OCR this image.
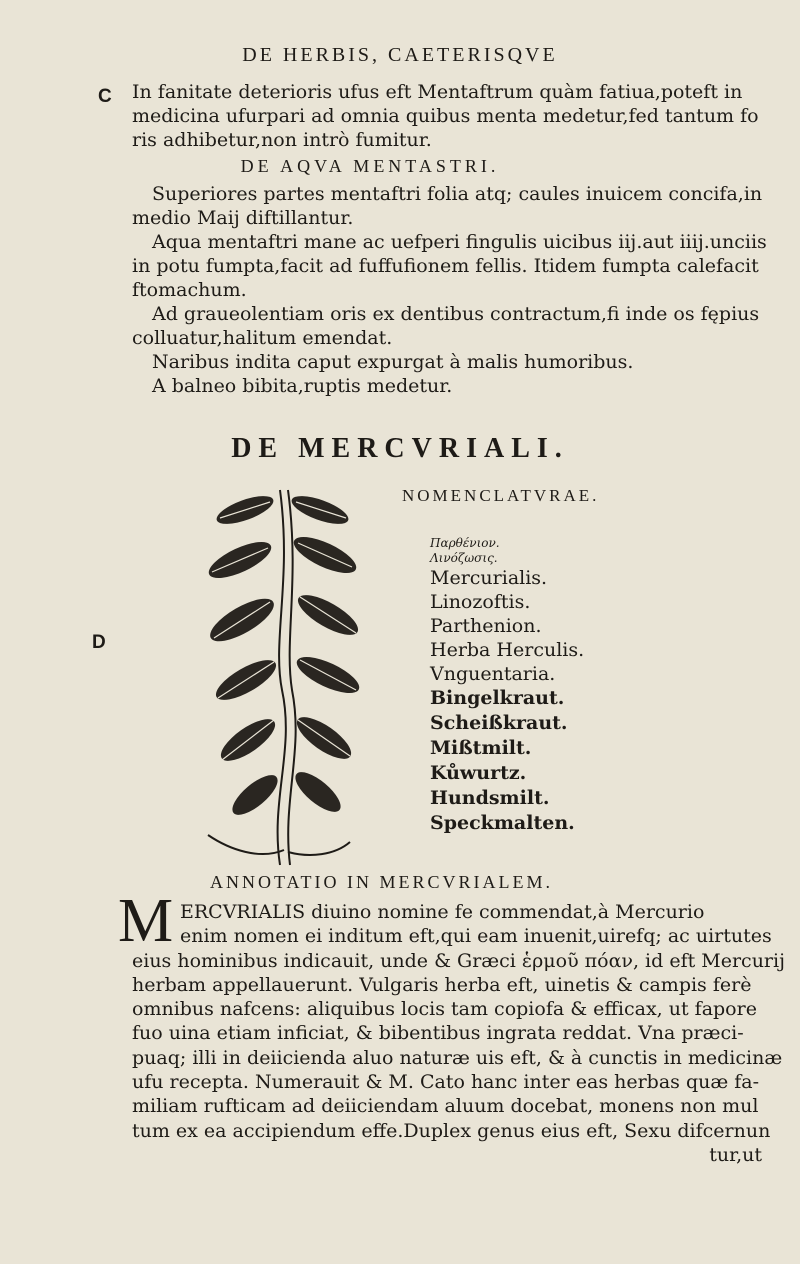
DE HERBIS, CAETERISQVE
C
D
In fanitate deterioris ufus eft Mentaftrum quàm fatiua,poteft in
medicina ufurpari ad omnia quibus menta medetur,fed tantum fo
ris adhibetur,non intrò fumitur.
DE AQVA MENTASTRI.
Superiores partes mentaftri folia atq; caules inuicem concifa,in
medio Maij diftillantur.
Aqua mentaftri mane ac uefperi fingulis uicibus iij.aut iiij.unciis
in potu fumpta,facit ad fuffufionem fellis. Itidem fumpta calefacit
ftomachum.
Ad graueolentiam oris ex dentibus contractum,fi inde os fępius
colluatur,halitum emendat.
Naribus indita caput expurgat à malis humoribus.
A balneo bibita,ruptis medetur.
DE MERCVRIALI.
NOMENCLATVRAE.
Παρθένιον.
Λινόζωσις.
Mercurialis.
Linozoftis.
Parthenion.
Herba Herculis.
Vnguentaria.
Bingelkraut.
Scheißkraut.
Mißtmilt.
Kůwurtz.
Hundsmilt.
Speckmalten.
ANNOTATIO IN MERCVRIALEM.
M ERCVRIALIS diuino nomine fe commendat,à Mercurio
enim nomen ei inditum eft,qui eam inuenit,uirefq; ac uirtutes
eius hominibus indicauit, unde & Græci ἑρμοῦ πόαν, id eft Mercurij
herbam appellauerunt. Vulgaris herba eft, uinetis & campis ferè
omnibus nafcens: aliquibus locis tam copiofa & efficax, ut fapore
fuo uina etiam inficiat, & bibentibus ingrata reddat. Vna præci-
puaq; illi in deiicienda aluo naturæ uis eft, & à cunctis in medicinæ
ufu recepta. Numerauit & M. Cato hanc inter eas herbas quæ fa-
miliam rufticam ad deiiciendam aluum docebat, monens non mul
tum ex ea accipiendum effe.Duplex genus eius eft, Sexu difcernun
tur,ut
